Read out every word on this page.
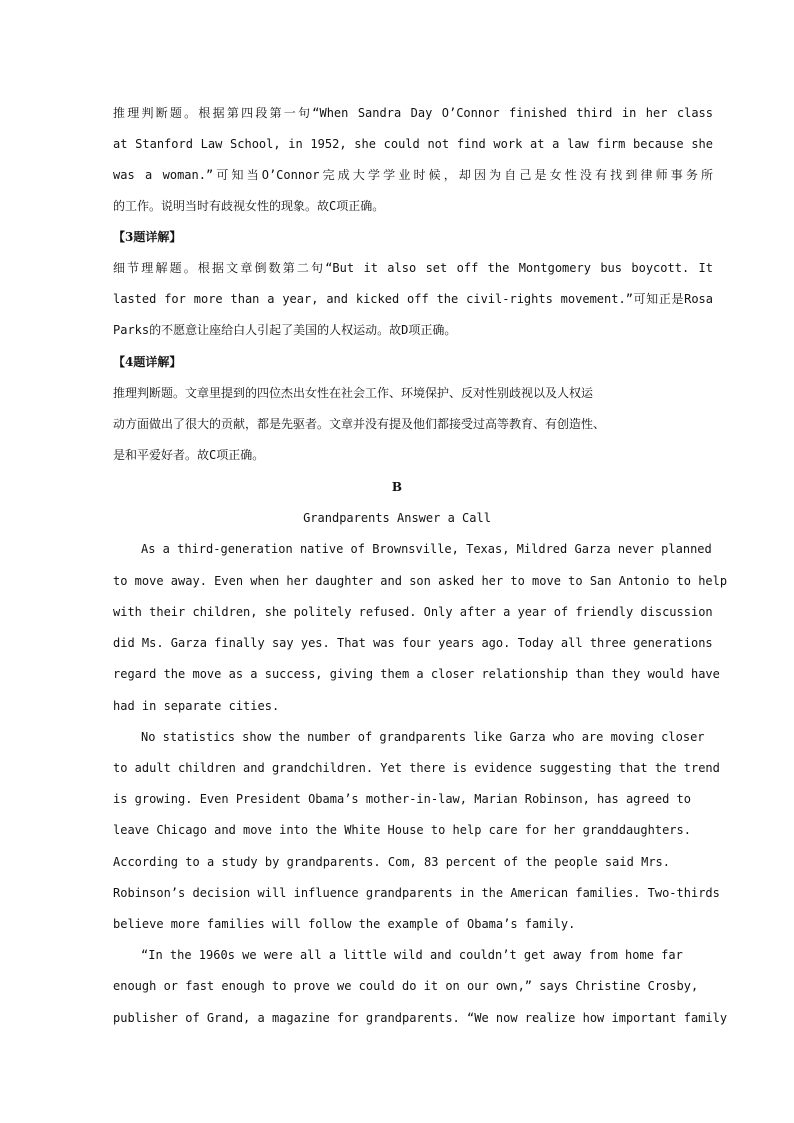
推理判断题。根据第四段第一句“When Sandra Day O’Connor finished third in her class

at Stanford Law School, in 1952, she could not find work at a law firm because she

was a woman.”可知当O’Connor完成大学学业时候，却因为自己是女性没有找到律师事务所

的工作。说明当时有歧视女性的现象。故C项正确。

【3题详解】

细节理解题。根据文章倒数第二句“But it also set off the Montgomery bus boycott. It

lasted for more than a year, and kicked off the civil-rights movement.”可知正是Rosa

Parks的不愿意让座给白人引起了美国的人权运动。故D项正确。

【4题详解】

推理判断题。文章里提到的四位杰出女性在社会工作、环境保护、反对性别歧视以及人权运

动方面做出了很大的贡献，都是先驱者。文章并没有提及他们都接受过高等教育、有创造性、

是和平爱好者。故C项正确。

B

Grandparents Answer a Call

As a third-generation native of Brownsville, Texas, Mildred Garza never planned

to move away. Even when her daughter and son asked her to move to San Antonio to help

with their children, she politely refused. Only after a year of friendly discussion

did Ms. Garza finally say yes. That was four years ago. Today all three generations

regard the move as a success, giving them a closer relationship than they would have

had in separate cities.

No statistics show the number of grandparents like Garza who are moving closer

to adult children and grandchildren. Yet there is evidence suggesting that the trend

is growing. Even President Obama’s mother-in-law, Marian Robinson, has agreed to

leave Chicago and move into the White House to help care for her granddaughters.

According to a study by grandparents. Com, 83 percent of the people said Mrs.

Robinson’s decision will influence grandparents in the American families. Two-thirds

believe more families will follow the example of Obama’s family.

“In the 1960s we were all a little wild and couldn’t get away from home far

enough or fast enough to prove we could do it on our own,” says Christine Crosby,

publisher of Grand, a magazine for grandparents. “We now realize how important family
